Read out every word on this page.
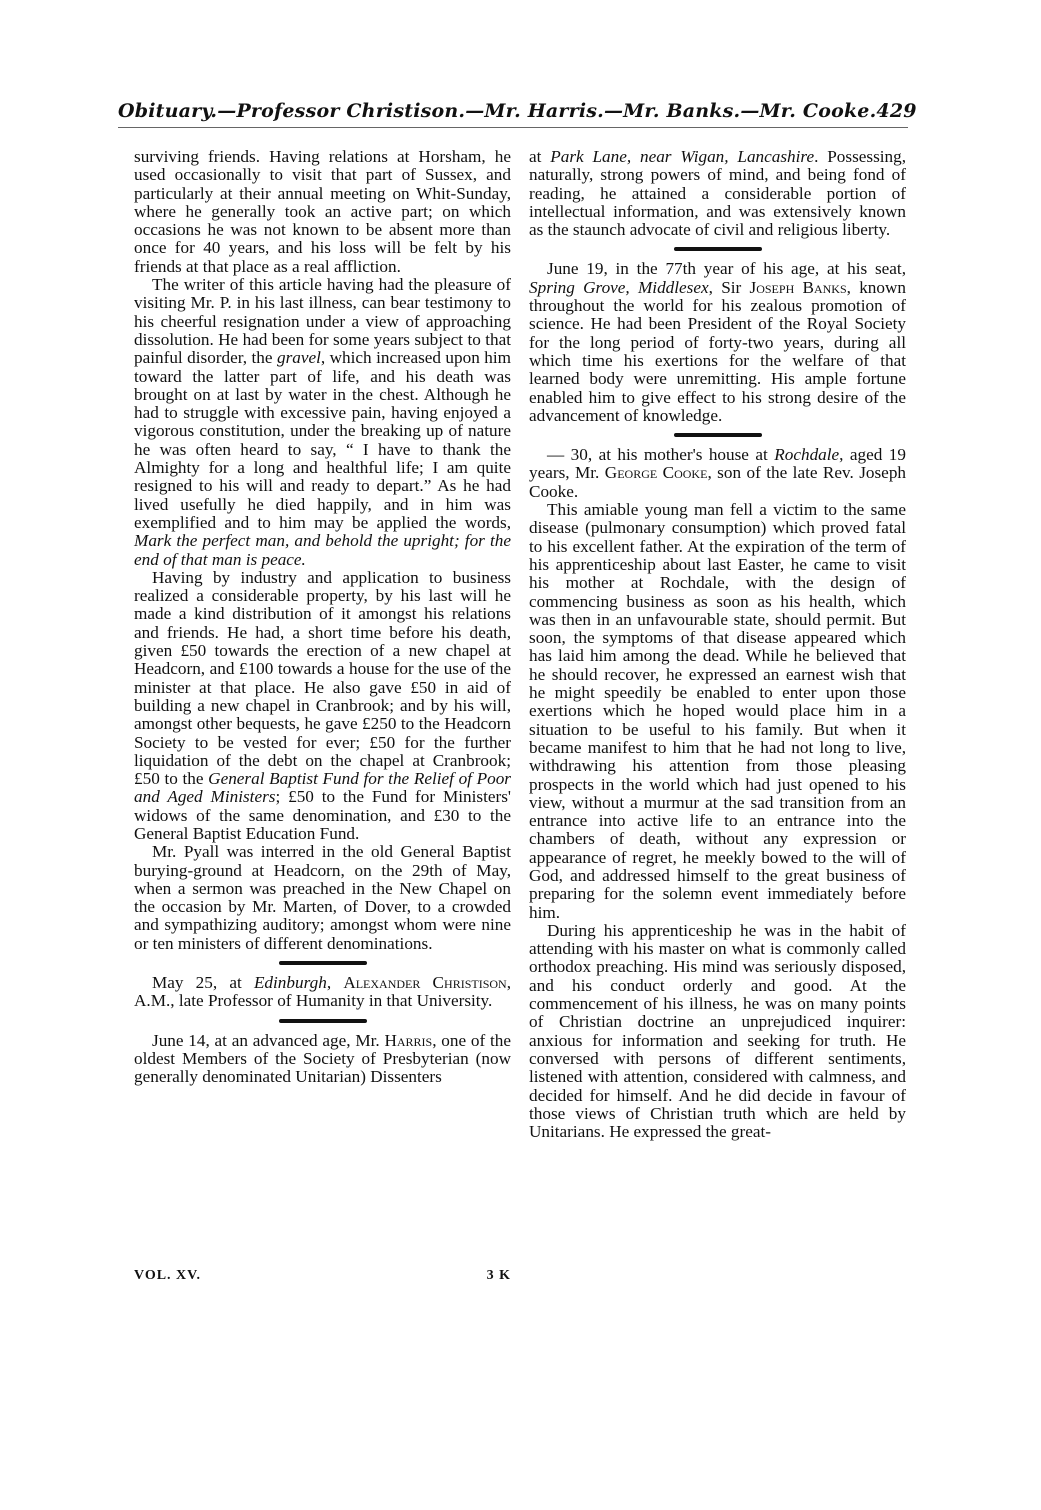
Obituary.—Professor Christison.—Mr. Harris.—Mr. Banks.—Mr. Cooke. 429

surviving friends. Having relations at Horsham, he used occasionally to visit that part of Sussex, and particularly at their annual meeting on Whit-Sunday, where he generally took an active part; on which occasions he was not known to be absent more than once for 40 years, and his loss will be felt by his friends at that place as a real affliction.

The writer of this article having had the pleasure of visiting Mr. P. in his last illness, can bear testimony to his cheerful resignation under a view of approaching dissolution. He had been for some years subject to that painful disorder, the gravel, which increased upon him toward the latter part of life, and his death was brought on at last by water in the chest. Although he had to struggle with excessive pain, having enjoyed a vigorous constitution, under the breaking up of nature he was often heard to say, “ I have to thank the Almighty for a long and healthful life; I am quite resigned to his will and ready to depart.” As he had lived usefully he died happily, and in him was exemplified and to him may be applied the words, Mark the perfect man, and behold the upright; for the end of that man is peace.

Having by industry and application to business realized a considerable property, by his last will he made a kind distribution of it amongst his relations and friends. He had, a short time before his death, given £50 towards the erection of a new chapel at Headcorn, and £100 towards a house for the use of the minister at that place. He also gave £50 in aid of building a new chapel in Cranbrook; and by his will, amongst other bequests, he gave £250 to the Headcorn Society to be vested for ever; £50 for the further liquidation of the debt on the chapel at Cranbrook; £50 to the General Baptist Fund for the Relief of Poor and Aged Ministers; £50 to the Fund for Ministers' widows of the same denomination, and £30 to the General Baptist Education Fund.

Mr. Pyall was interred in the old General Baptist burying-ground at Headcorn, on the 29th of May, when a sermon was preached in the New Chapel on the occasion by Mr. Marten, of Dover, to a crowded and sympathizing auditory; amongst whom were nine or ten ministers of different denominations.

May 25, at Edinburgh, Alexander Christison, A.M., late Professor of Humanity in that University.

June 14, at an advanced age, Mr. Harris, one of the oldest Members of the Society of Presbyterian (now generally denominated Unitarian) Dissenters

at Park Lane, near Wigan, Lancashire. Possessing, naturally, strong powers of mind, and being fond of reading, he attained a considerable portion of intellectual information, and was extensively known as the staunch advocate of civil and religious liberty.

June 19, in the 77th year of his age, at his seat, Spring Grove, Middlesex, Sir Joseph Banks, known throughout the world for his zealous promotion of science. He had been President of the Royal Society for the long period of forty-two years, during all which time his exertions for the welfare of that learned body were unremitting. His ample fortune enabled him to give effect to his strong desire of the advancement of knowledge.

— 30, at his mother's house at Rochdale, aged 19 years, Mr. George Cooke, son of the late Rev. Joseph Cooke.

This amiable young man fell a victim to the same disease (pulmonary consumption) which proved fatal to his excellent father. At the expiration of the term of his apprenticeship about last Easter, he came to visit his mother at Rochdale, with the design of commencing business as soon as his health, which was then in an unfavourable state, should permit. But soon, the symptoms of that disease appeared which has laid him among the dead. While he believed that he should recover, he expressed an earnest wish that he might speedily be enabled to enter upon those exertions which he hoped would place him in a situation to be useful to his family. But when it became manifest to him that he had not long to live, withdrawing his attention from those pleasing prospects in the world which had just opened to his view, without a murmur at the sad transition from an entrance into active life to an entrance into the chambers of death, without any expression or appearance of regret, he meekly bowed to the will of God, and addressed himself to the great business of preparing for the solemn event immediately before him.

During his apprenticeship he was in the habit of attending with his master on what is commonly called orthodox preaching. His mind was seriously disposed, and his conduct orderly and good. At the commencement of his illness, he was on many points of Christian doctrine an unprejudiced inquirer: anxious for information and seeking for truth. He conversed with persons of different sentiments, listened with attention, considered with calmness, and decided for himself. And he did decide in favour of those views of Christian truth which are held by Unitarians. He expressed the great-

VOL. XV.	3 K
